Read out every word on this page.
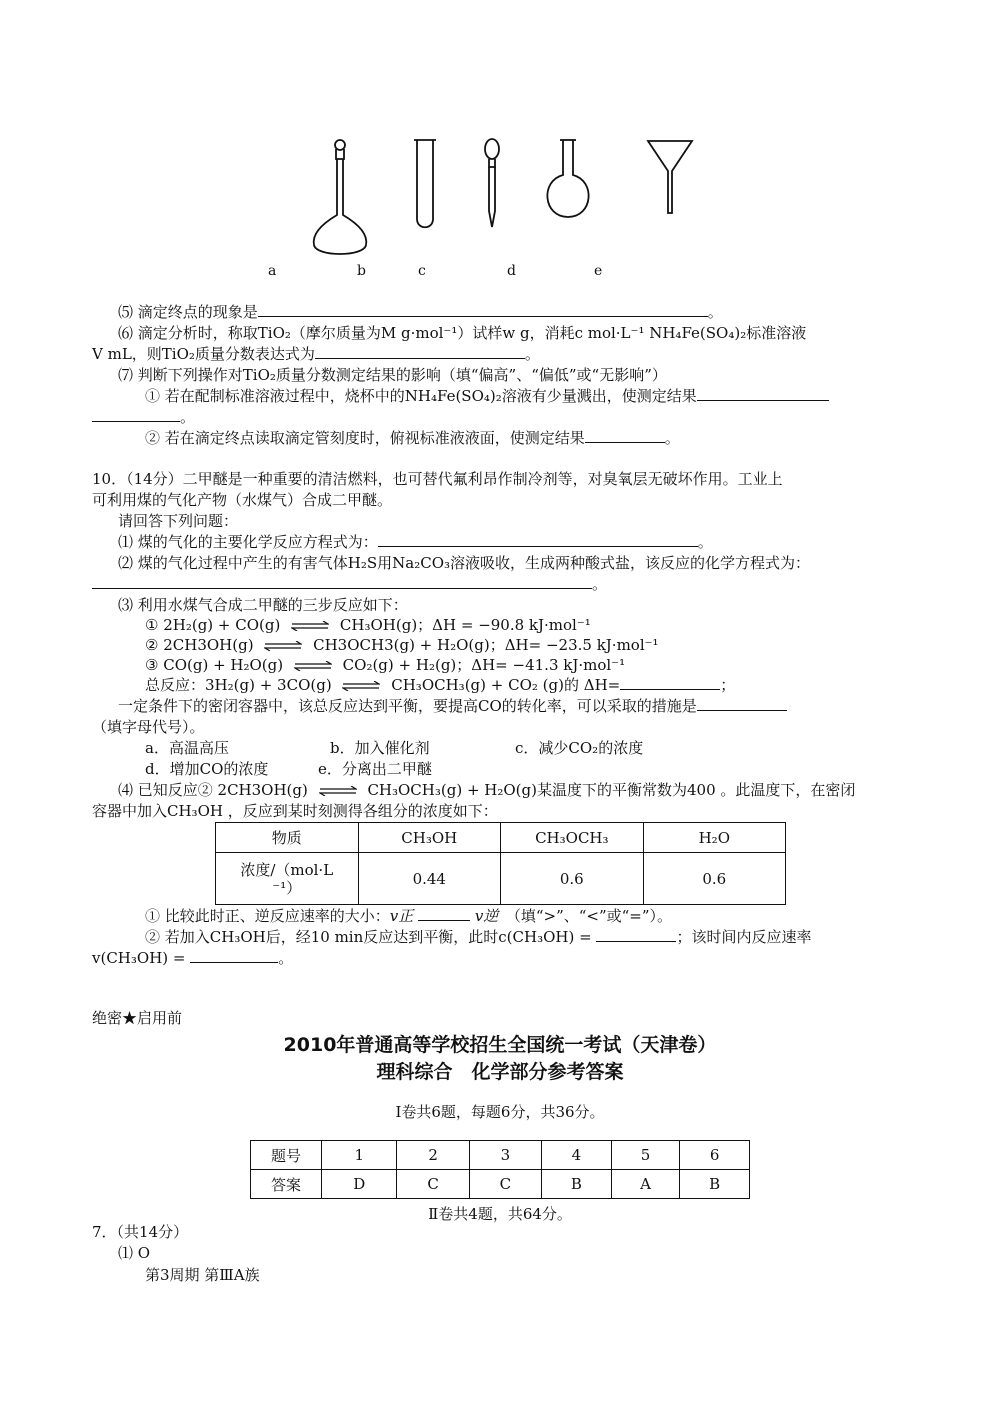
a	b	c	d	e
⑸ 滴定终点的现象是	。
⑹ 滴定分析时，称取TiO₂（摩尔质量为M g·mol⁻¹）试样w g，消耗c mol·L⁻¹ NH₄Fe(SO₄)₂标准溶液
V mL，则TiO₂质量分数表达式为	。
⑺ 判断下列操作对TiO₂质量分数测定结果的影响（填“偏高”、“偏低”或“无影响”）
① 若在配制标准溶液过程中，烧杯中的NH₄Fe(SO₄)₂溶液有少量溅出，使测定结果
。
② 若在滴定终点读取滴定管刻度时，俯视标准液液面，使测定结果	。
10．（14分）二甲醚是一种重要的清洁燃料，也可替代氟利昂作制冷剂等，对臭氧层无破坏作用。工业上
可利用煤的气化产物（水煤气）合成二甲醚。
请回答下列问题：
⑴ 煤的气化的主要化学反应方程式为：	。
⑵ 煤的气化过程中产生的有害气体H₂S用Na₂CO₃溶液吸收，生成两种酸式盐，该反应的化学方程式为：
。
⑶ 利用水煤气合成二甲醚的三步反应如下：
① 2H₂(g) + CO(g) ⇌ CH₃OH(g)；ΔH = −90.8 kJ·mol⁻¹
② 2CH3OH(g) ⇌ CH3OCH3(g) + H₂O(g)；ΔH= −23.5 kJ·mol⁻¹
③ CO(g) + H₂O(g) ⇌ CO₂(g) + H₂(g)；ΔH= −41.3 kJ·mol⁻¹
总反应：3H₂(g) + 3CO(g) ⇌ CH₃OCH₃(g) + CO₂ (g)的 ΔH=	；
一定条件下的密闭容器中，该总反应达到平衡，要提高CO的转化率，可以采取的措施是
（填字母代号）。
a．高温高压	b．加入催化剂	c．减少CO₂的浓度
d．增加CO的浓度	e．分离出二甲醚
⑷ 已知反应② 2CH3OH(g) ⇌ CH₃OCH₃(g) + H₂O(g)某温度下的平衡常数为400 。此温度下，在密闭
容器中加入CH₃OH ，反应到某时刻测得各组分的浓度如下：
物质	CH₃OH	CH₃OCH₃	H₂O
浓度/（mol·L
⁻¹）	0.44	0.6	0.6
① 比较此时正、逆反应速率的大小：v正	v逆　 （填“>”、“<”或“=”）。
② 若加入CH₃OH后，经10 min反应达到平衡，此时c(CH₃OH) =	；该时间内反应速率
v(CH₃OH) =	。
绝密★启用前
2010年普通高等学校招生全国统一考试（天津卷）
理科综合　化学部分参考答案
Ⅰ卷共6题，每题6分，共36分。
题号	1	2	3	4	5	6
答案	D	C	C	B	A	B
Ⅱ卷共4题，共64分。
7．（共14分）
⑴ O
第3周期 第ⅢA族
